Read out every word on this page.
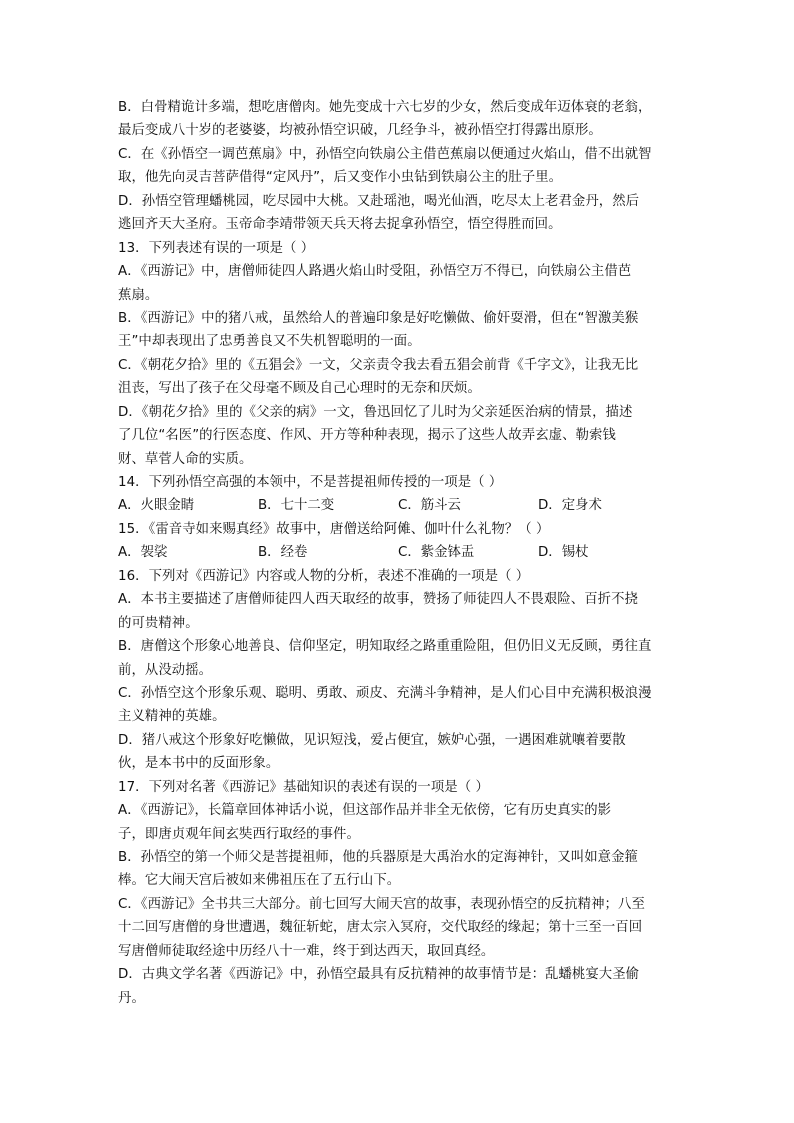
B．白骨精诡计多端，想吃唐僧肉。她先变成十六七岁的少女，然后变成年迈体衰的老翁，
最后变成八十岁的老婆婆，均被孙悟空识破，几经争斗，被孙悟空打得露出原形。
C．在《孙悟空一调芭蕉扇》中，孙悟空向铁扇公主借芭蕉扇以便通过火焰山，借不出就智
取，他先向灵吉菩萨借得“定风丹”，后又变作小虫钻到铁扇公主的肚子里。
D．孙悟空管理蟠桃园，吃尽园中大桃。又赴瑶池，喝光仙酒，吃尽太上老君金丹，然后
逃回齐天大圣府。玉帝命李靖带领天兵天将去捉拿孙悟空，悟空得胜而回。
13．下列表述有误的一项是（ ）
A．《西游记》中，唐僧师徒四人路遇火焰山时受阻，孙悟空万不得已，向铁扇公主借芭
蕉扇。
B．《西游记》中的猪八戒，虽然给人的普遍印象是好吃懒做、偷奸耍滑，但在“智激美猴
王”中却表现出了忠勇善良又不失机智聪明的一面。
C．《朝花夕拾》里的《五猖会》一文，父亲责令我去看五猖会前背《千字文》，让我无比
沮丧，写出了孩子在父母毫不顾及自己心理时的无奈和厌烦。
D．《朝花夕拾》里的《父亲的病》一文，鲁迅回忆了儿时为父亲延医治病的情景，描述
了几位“名医”的行医态度、作风、开方等种种表现，揭示了这些人故弄玄虚、勒索钱
财、草菅人命的实质。
14．下列孙悟空高强的本领中，不是菩提祖师传授的一项是（ ）
A．火眼金睛	B．七十二变	C．筋斗云	D．定身术
15．《雷音寺如来赐真经》故事中，唐僧送给阿傩、伽叶什么礼物？（ ）
A．袈裟	B．经卷	C．紫金钵盂	D．锡杖
16．下列对《西游记》内容或人物的分析，表述不准确的一项是（ ）
A．本书主要描述了唐僧师徒四人西天取经的故事，赞扬了师徒四人不畏艰险、百折不挠
的可贵精神。
B．唐僧这个形象心地善良、信仰坚定，明知取经之路重重险阻，但仍旧义无反顾，勇往直
前，从没动摇。
C．孙悟空这个形象乐观、聪明、勇敢、顽皮、充满斗争精神，是人们心目中充满积极浪漫
主义精神的英雄。
D．猪八戒这个形象好吃懒做，见识短浅，爱占便宜，嫉妒心强，一遇困难就嚷着要散
伙，是本书中的反面形象。
17．下列对名著《西游记》基础知识的表述有误的一项是（ ）
A．《西游记》，长篇章回体神话小说，但这部作品并非全无依傍，它有历史真实的影
子，即唐贞观年间玄奘西行取经的事件。
B．孙悟空的第一个师父是菩提祖师，他的兵器原是大禹治水的定海神针，又叫如意金箍
棒。它大闹天宫后被如来佛祖压在了五行山下。
C．《西游记》全书共三大部分。前七回写大闹天宫的故事，表现孙悟空的反抗精神；八至
十二回写唐僧的身世遭遇，魏征斩蛇，唐太宗入冥府，交代取经的缘起；第十三至一百回
写唐僧师徒取经途中历经八十一难，终于到达西天，取回真经。
D．古典文学名著《西游记》中，孙悟空最具有反抗精神的故事情节是：乱蟠桃宴大圣偷
丹。
